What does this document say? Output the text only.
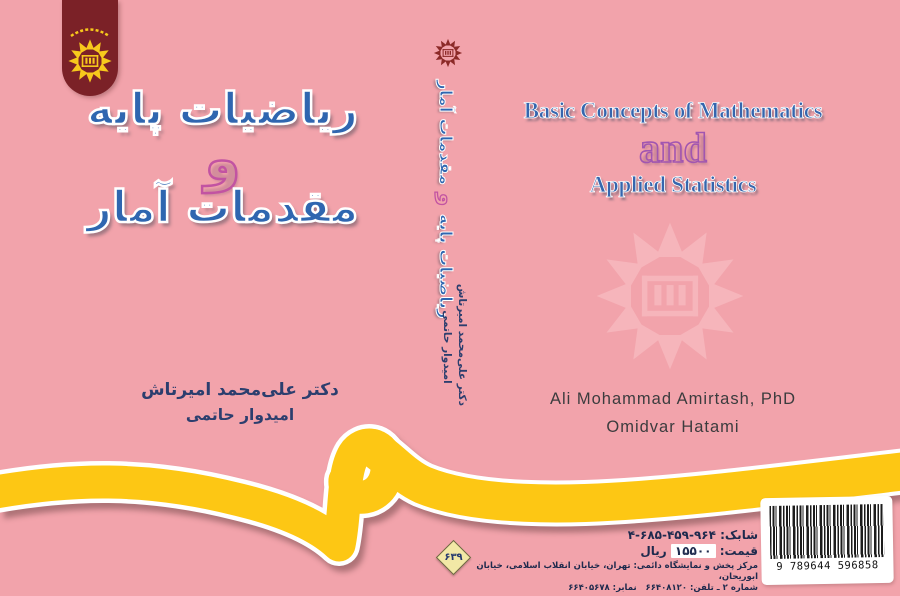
ریاضیات پایه
و
مقدمات آمار
دکتر علی‌محمد امیرتاش
امیدوار حاتمی
ریاضیات پایه و مقدمات آمار
دکتر علی‌محمد امیرتاش
امیدوار حاتمی
Basic Concepts of Mathematics
and
Applied Statistics
Ali Mohammad Amirtash, PhD
Omidvar Hatami
شابک: ۹۶۴-۴۵۹-۶۸۵-۴
قیمت: ۱۵۵۰۰ ریال
مرکز پخش و نمایشگاه دائمی: تهران، خیابان انقلاب اسلامی، خیابان ابوریحان،
شماره ۲ ـ تلفن: ۶۶۴۰۸۱۲۰   نمابر: ۶۶۴۰۵۶۷۸
9 789644 596858
۶۳۹
